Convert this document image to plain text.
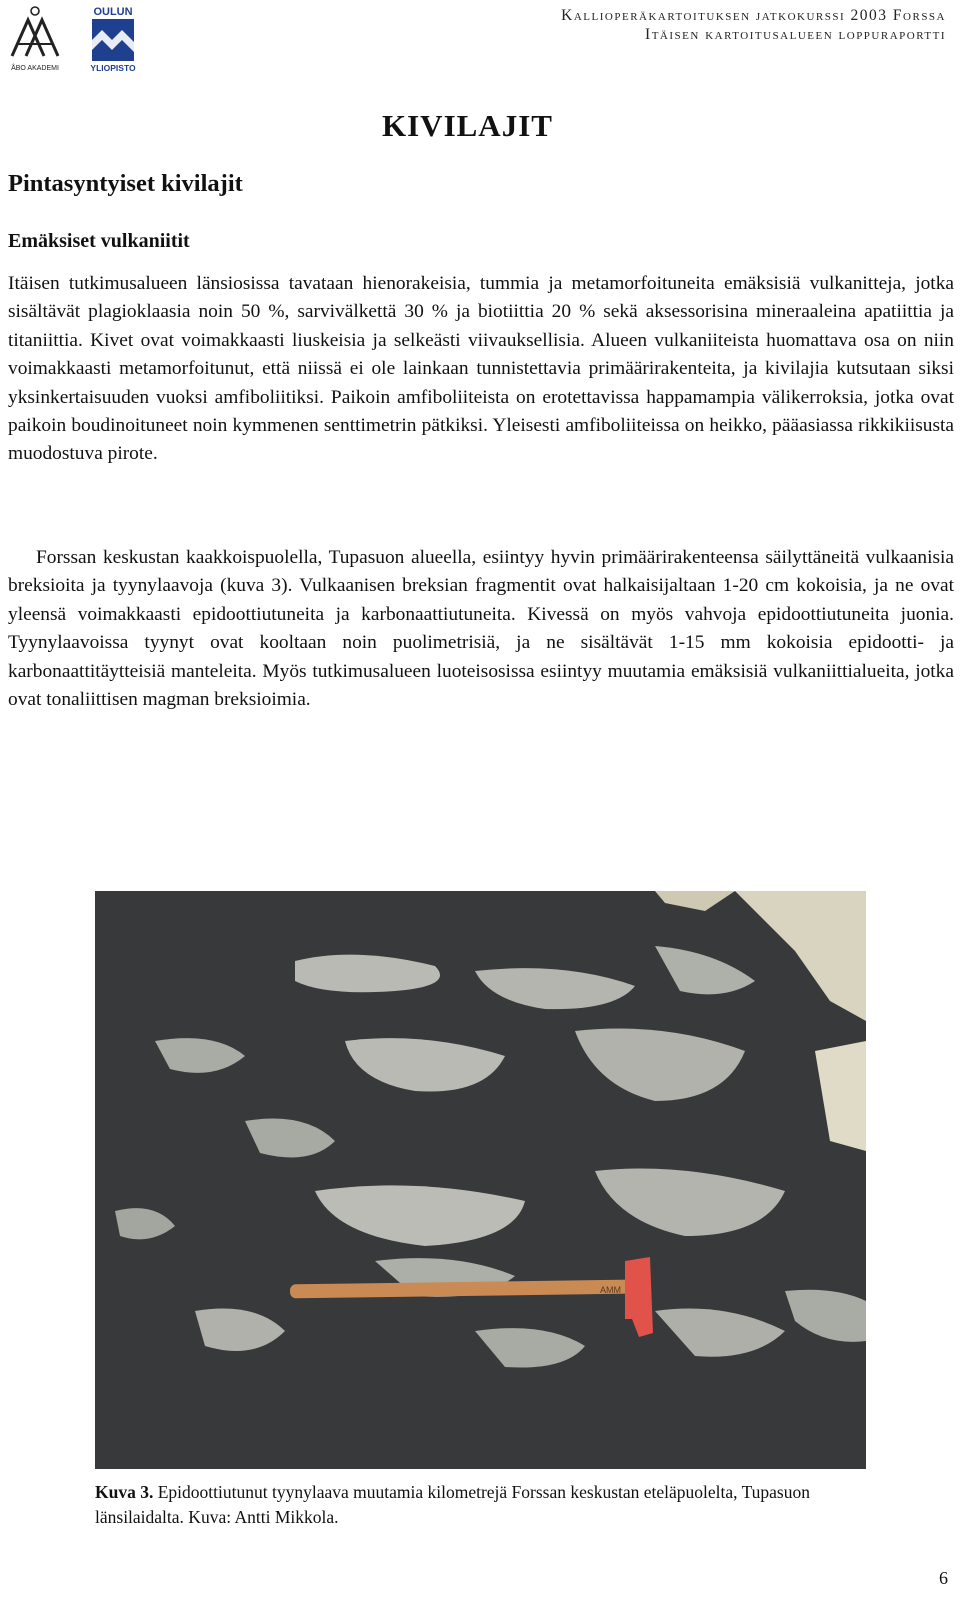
ÅBO AKADEMI
OULUN
YLIOPISTO
Kallioperäkartoituksen jatkokurssi 2003 Forssa
Itäisen kartoitusalueen loppuraportti
KIVILAJIT
Pintasyntyiset kivilajit
Emäksiset vulkaniitit

Itäisen tutkimusalueen länsiosissa tavataan hienorakeisia, tummia ja metamorfoituneita emäksisiä vulkanitteja, jotka sisältävät plagioklaasia noin 50 %, sarvivälkettä 30 % ja biotiittia 20 % sekä aksessorisina mineraaleina apatiittia ja titaniittia. Kivet ovat voimakkaasti liuskeisia ja selkeästi viivauksellisia. Alueen vulkaniiteista huomattava osa on niin voimakkaasti metamorfoitunut, että niissä ei ole lainkaan tunnistettavia primäärirakenteita, ja kivilajia kutsutaan siksi yksinkertaisuuden vuoksi amfiboliitiksi. Paikoin amfiboliiteista on erotettavissa happamampia välikerroksia, jotka ovat paikoin boudinoituneet noin kymmenen senttimetrin pätkiksi. Yleisesti amfiboliiteissa on heikko, pääasiassa rikkikiisusta muodostuva pirote.

Forssan keskustan kaakkoispuolella, Tupasuon alueella, esiintyy hyvin primäärirakenteensa säilyttäneitä vulkaanisia breksioita ja tyynylaavoja (kuva 3). Vulkaanisen breksian fragmentit ovat halkaisijaltaan 1-20 cm kokoisia, ja ne ovat yleensä voimakkaasti epidoottiutuneita ja karbonaattiutuneita. Kivessä on myös vahvoja epidoottiutuneita juonia. Tyynylaavoissa tyynyt ovat kooltaan noin puolimetrisiä, ja ne sisältävät 1-15 mm kokoisia epidootti- ja karbonaattitäytteisiä manteleita. Myös tutkimusalueen luoteisosissa esiintyy muutamia emäksisiä vulkaniittialueita, jotka ovat tonaliittisen magman breksioimia.

AMM
Kuva 3. Epidoottiutunut tyynylaava muutamia kilometrejä Forssan keskustan eteläpuolelta, Tupasuon länsilaidalta. Kuva: Antti Mikkola.
6
